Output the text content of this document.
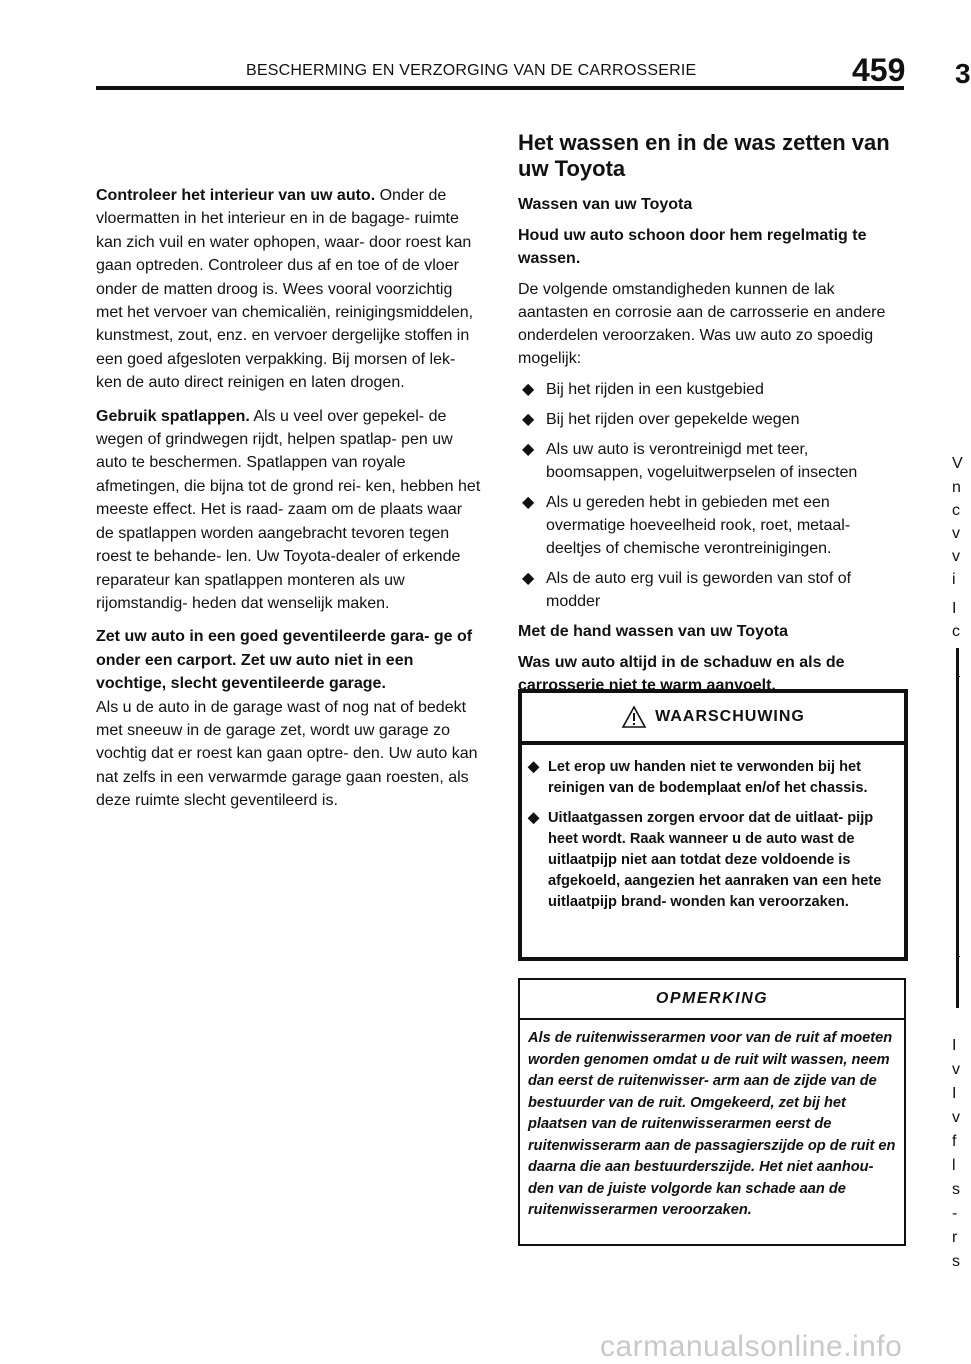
BESCHERMING EN VERZORGING VAN DE CARROSSERIE	459 3

Controleer het interieur van uw auto. Onder de vloermatten in het interieur en in de bagage- ruimte kan zich vuil en water ophopen, waar- door roest kan gaan optreden. Controleer dus af en toe of de vloer onder de matten droog is. Wees vooral voorzichtig met het vervoer van chemicaliën, reinigingsmiddelen, kunstmest, zout, enz. en vervoer dergelijke stoffen in een goed afgesloten verpakking. Bij morsen of lek- ken de auto direct reinigen en laten drogen.

Gebruik spatlappen. Als u veel over gepekel- de wegen of grindwegen rijdt, helpen spatlap- pen uw auto te beschermen. Spatlappen van royale afmetingen, die bijna tot de grond rei- ken, hebben het meeste effect. Het is raad- zaam om de plaats waar de spatlappen worden aangebracht tevoren tegen roest te behande- len. Uw Toyota‑dealer of erkende reparateur kan spatlappen monteren als uw rijomstandig- heden dat wenselijk maken.

Zet uw auto in een goed geventileerde gara- ge of onder een carport. Zet uw auto niet in een vochtige, slecht geventileerde garage.
Als u de auto in de garage wast of nog nat of bedekt met sneeuw in de garage zet, wordt uw garage zo vochtig dat er roest kan gaan optre- den. Uw auto kan nat zelfs in een verwarmde garage gaan roesten, als deze ruimte slecht geventileerd is.

Het wassen en in de was zetten van uw Toyota

Wassen van uw Toyota

Houd uw auto schoon door hem regelmatig te wassen.

De volgende omstandigheden kunnen de lak aantasten en corrosie aan de carrosserie en andere onderdelen veroorzaken. Was uw auto zo spoedig mogelijk:

◆ Bij het rijden in een kustgebied
◆ Bij het rijden over gepekelde wegen
◆ Als uw auto is verontreinigd met teer, boomsappen, vogeluitwerpselen of insecten
◆ Als u gereden hebt in gebieden met een overmatige hoeveelheid rook, roet, metaal- deeltjes of chemische verontreinigingen.
◆ Als de auto erg vuil is geworden van stof of modder

Met de hand wassen van uw Toyota

Was uw auto altijd in de schaduw en als de carrosserie niet te warm aanvoelt.

WAARSCHUWING
◆ Let erop uw handen niet te verwonden bij het reinigen van de bodemplaat en/of het chassis.
◆ Uitlaatgassen zorgen ervoor dat de uitlaat- pijp heet wordt. Raak wanneer u de auto wast de uitlaatpijp niet aan totdat deze voldoende is afgekoeld, aangezien het aanraken van een hete uitlaatpijp brand- wonden kan veroorzaken.
OPMERKING
Als de ruitenwisserarmen voor van de ruit af moeten worden genomen omdat u de ruit wilt wassen, neem dan eerst de ruitenwisser- arm aan de zijde van de bestuurder van de ruit. Omgekeerd, zet bij het plaatsen van de ruitenwisserarmen eerst de ruitenwisserarm aan de passagierszijde op de ruit en daarna die aan bestuurderszijde. Het niet aanhou- den van de juiste volgorde kan schade aan de ruitenwisserarmen veroorzaken.
V
n
c
v
v
i
I
c
I
v
I
v
f
l
s
-
r
s
carmanualsonline.info
